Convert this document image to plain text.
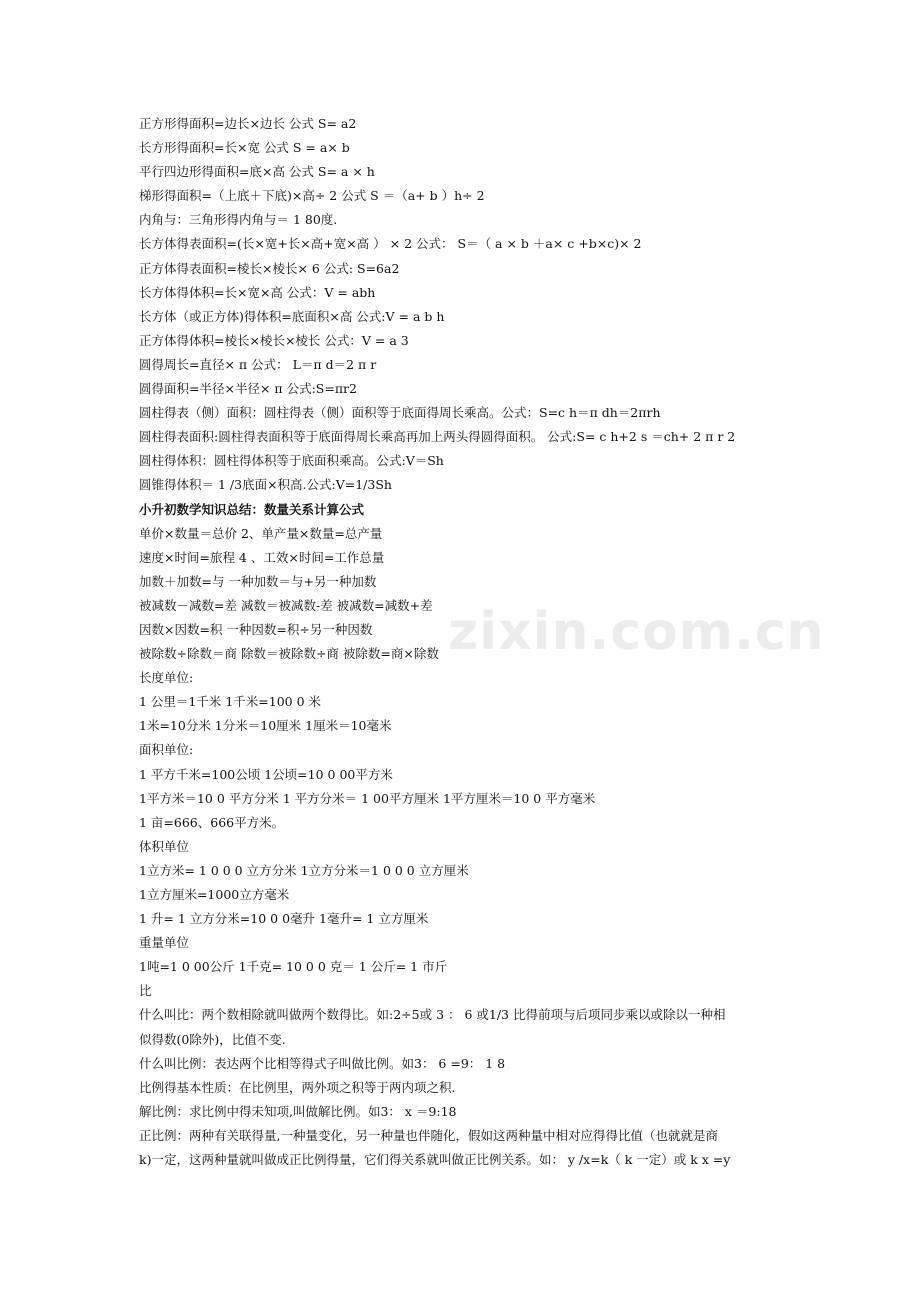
正方形得面积=边长×边长 公式 S= a2
长方形得面积=长×宽 公式 S = a× b
平行四边形得面积=底×高 公式 S= a × h
梯形得面积=（上底＋下底)×高÷ 2 公式 S ＝（a+ b ）h÷ 2
内角与：三角形得内角与＝ 1 80度.
长方体得表面积=(长×宽+长×高+宽×高 ） × 2 公式： S＝（ a × b ＋a× c +b×c)× 2
正方体得表面积=棱长×棱长× 6 公式: S=6a2
长方体得体积=长×宽×高 公式：V = abh
长方体（或正方体)得体积=底面积×高 公式:V = a b h
正方体得体积=棱长×棱长×棱长 公式：V = a 3
圆得周长=直径× π 公式： L＝π d＝2 π r
圆得面积=半径×半径× π 公式:S=πr2
圆柱得表（侧）面积：圆柱得表（侧）面积等于底面得周长乘高。公式：S=c h＝π dh＝2πrh
圆柱得表面积:圆柱得表面积等于底面得周长乘高再加上两头得圆得面积。 公式:S= c h+2 s ＝ch+ 2 π r 2
圆柱得体积：圆柱得体积等于底面积乘高。公式:V＝Sh
圆锥得体积＝ 1 /3底面×积高.公式:V=1/3Sh
小升初数学知识总结：数量关系计算公式
单价×数量＝总价 2、单产量×数量=总产量
速度×时间=旅程 4 、工效×时间=工作总量
加数＋加数=与 一种加数＝与+另一种加数
被减数－减数=差 减数＝被减数-差 被减数=减数+差
因数×因数=积 一种因数=积÷另一种因数
被除数÷除数＝商 除数＝被除数÷商 被除数=商×除数
长度单位:
1 公里＝1千米 1千米=100 0 米
1米=10分米 1分米＝10厘米 1厘米＝10毫米
面积单位:
1 平方千米=100公顷 1公顷=10 0 00平方米
1平方米＝10 0 平方分米 1 平方分米＝ 1 00平方厘米 1平方厘米＝10 0 平方毫米
1 亩=666、666平方米。
体积单位
1立方米= 1 0 0 0 立方分米 1立方分米＝1 0 0 0 立方厘米
1立方厘米=1000立方毫米
1 升= 1 立方分米=10 0 0毫升 1毫升= 1 立方厘米
重量单位
1吨=1 0 00公斤 1千克= 10 0 0 克＝ 1 公斤= 1 市斤
比
什么叫比：两个数相除就叫做两个数得比。如:2÷5或 3 ： 6 或1/3 比得前项与后项同步乘以或除以一种相
似得数(0除外)，比值不变.
什么叫比例：表达两个比相等得式子叫做比例。如3： 6 =9： 1 8
比例得基本性质：在比例里，两外项之积等于两内项之积.
解比例：求比例中得未知项,叫做解比例。如3： x ＝9:18
正比例：两种有关联得量,一种量变化，另一种量也伴随化，假如这两种量中相对应得得比值（也就就是商
k)一定，这两种量就叫做成正比例得量，它们得关系就叫做正比例关系。如： y /x=k（ k 一定）或 k x =y
zixin.com.cn
